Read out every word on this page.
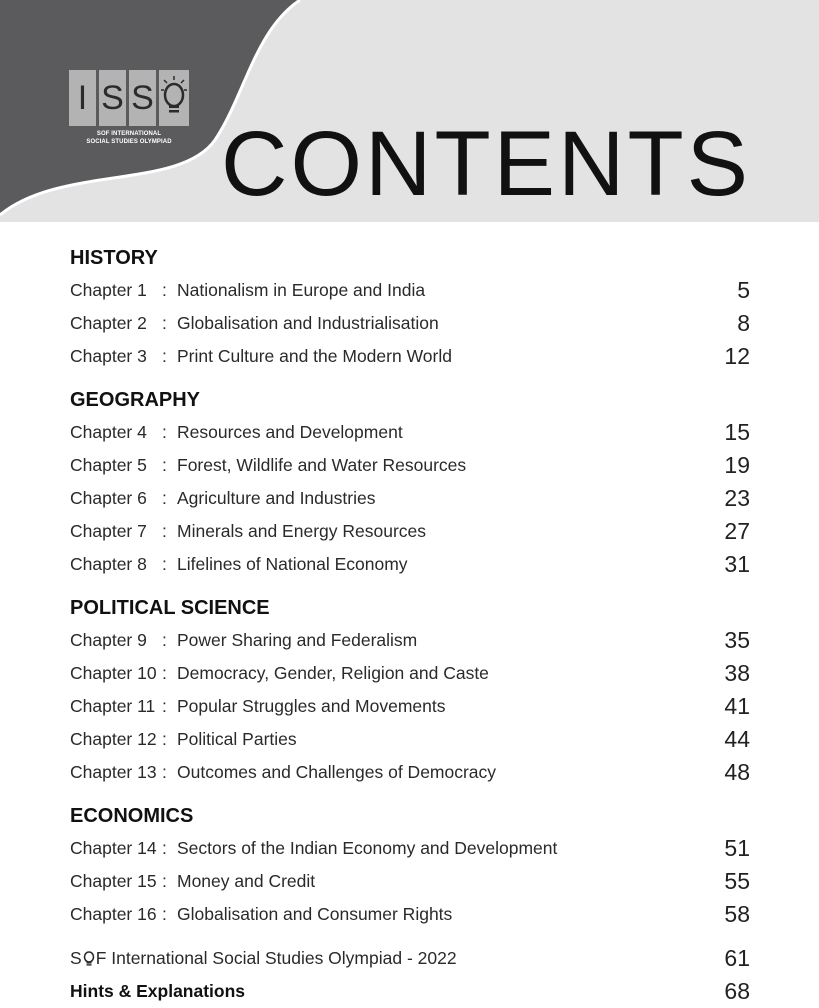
I S S
SOF INTERNATIONAL
SOCIAL STUDIES OLYMPIAD CONTENTS
HISTORY
Chapter 1 : Nationalism in Europe and India	5
Chapter 2 : Globalisation and Industrialisation	8
Chapter 3 : Print Culture and the Modern World	12
GEOGRAPHY
Chapter 4 : Resources and Development	15
Chapter 5 : Forest, Wildlife and Water Resources	19
Chapter 6 : Agriculture and Industries	23
Chapter 7 : Minerals and Energy Resources	27
Chapter 8 : Lifelines of National Economy	31
POLITICAL SCIENCE
Chapter 9 : Power Sharing and Federalism	35
Chapter 10 : Democracy, Gender, Religion and Caste	38
Chapter 11 : Popular Struggles and Movements	41
Chapter 12 : Political Parties	44
Chapter 13 : Outcomes and Challenges of Democracy	48
ECONOMICS
Chapter 14 : Sectors of the Indian Economy and Development	51
Chapter 15 : Money and Credit	55
Chapter 16 : Globalisation and Consumer Rights	58
S F International Social Studies Olympiad - 2022	61
Hints & Explanations	68
